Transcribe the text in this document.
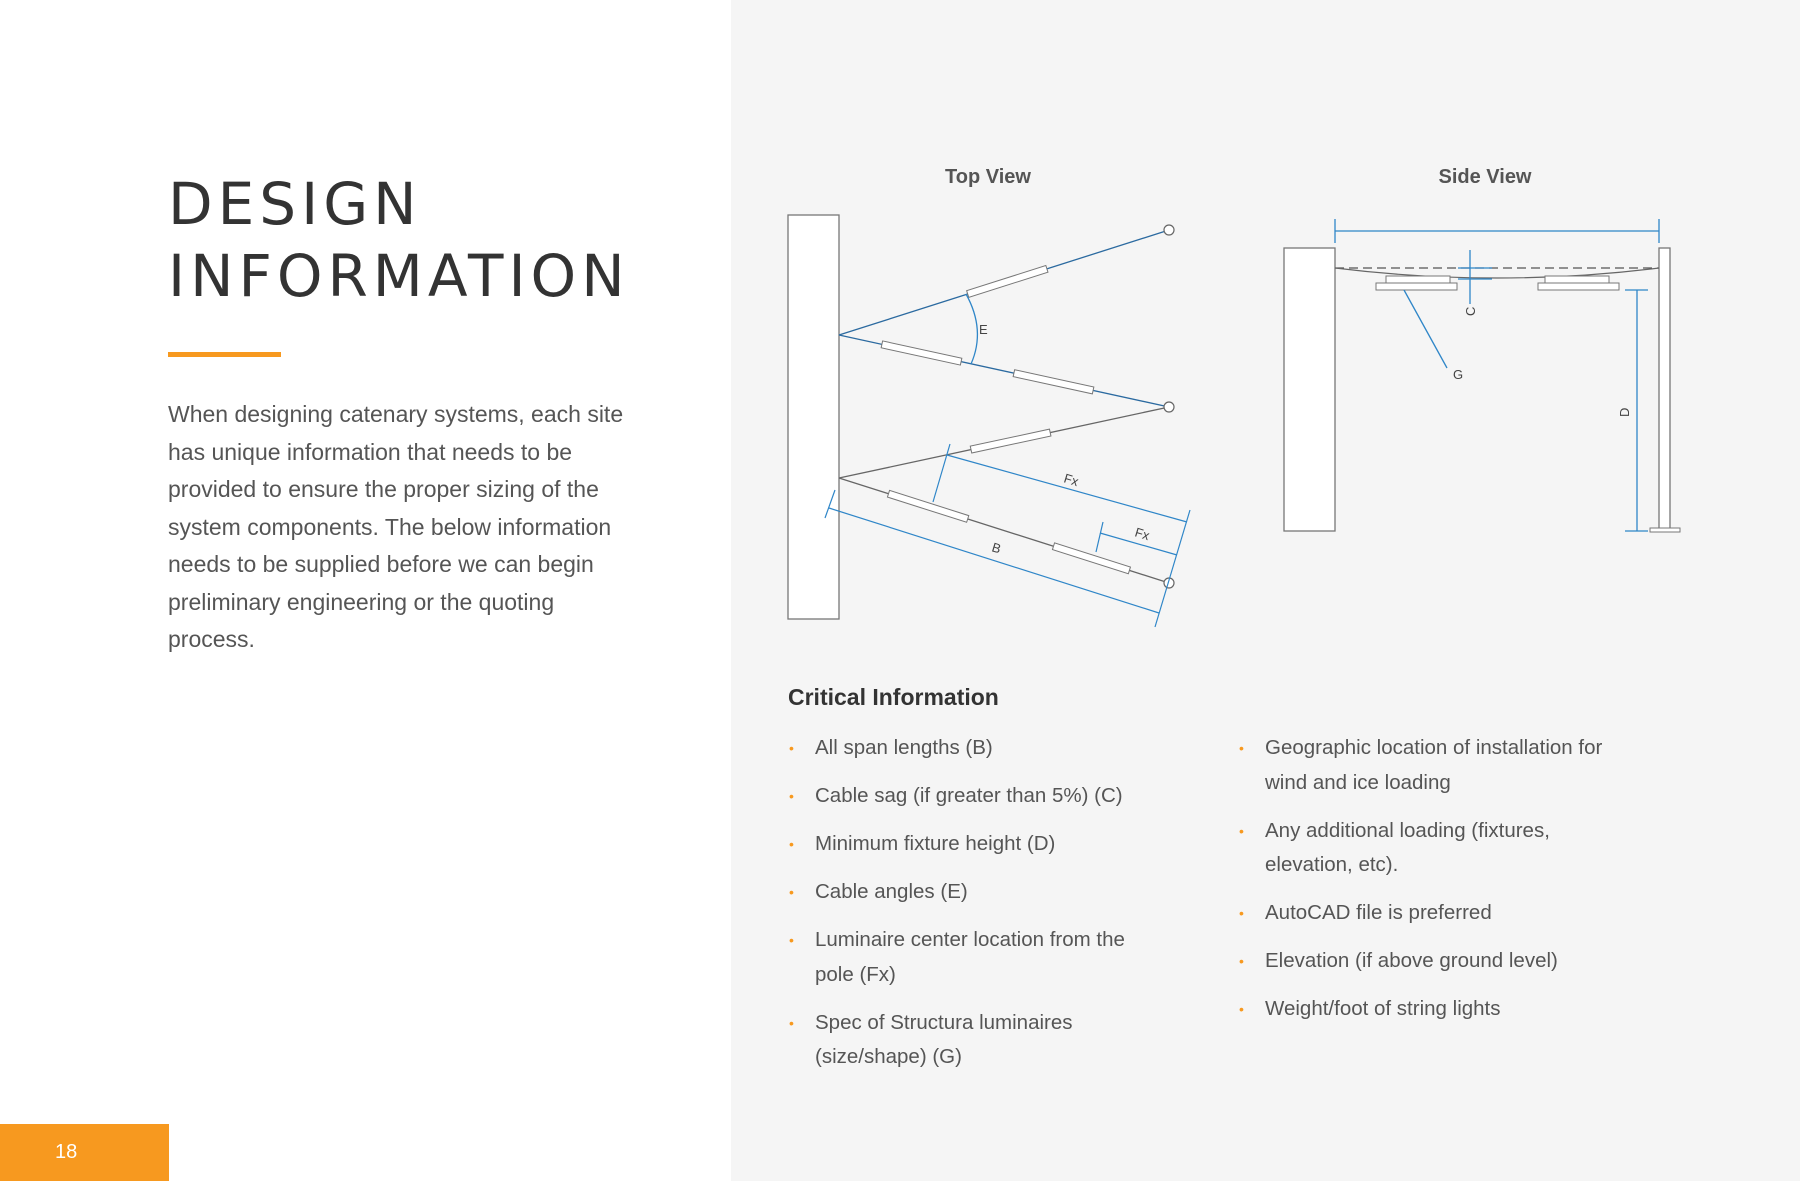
DESIGN
INFORMATION

When designing catenary systems, each site has unique information that needs to be provided to ensure the proper sizing of the system components. The below information needs to be supplied before we can begin preliminary engineering or the quoting process.

18
Top View
E
Fx
Fx
B
Side View
C
G
D
Critical Information
• All span lengths (B)
• Cable sag (if greater than 5%) (C)
• Minimum fixture height (D)
• Cable angles (E)
• Luminaire center location from the pole (Fx)
• Spec of Structura luminaires (size/shape) (G)
• Geographic location of installation for wind and ice loading
• Any additional loading (fixtures, elevation, etc).
• AutoCAD file is preferred
• Elevation (if above ground level)
• Weight/foot of string lights
